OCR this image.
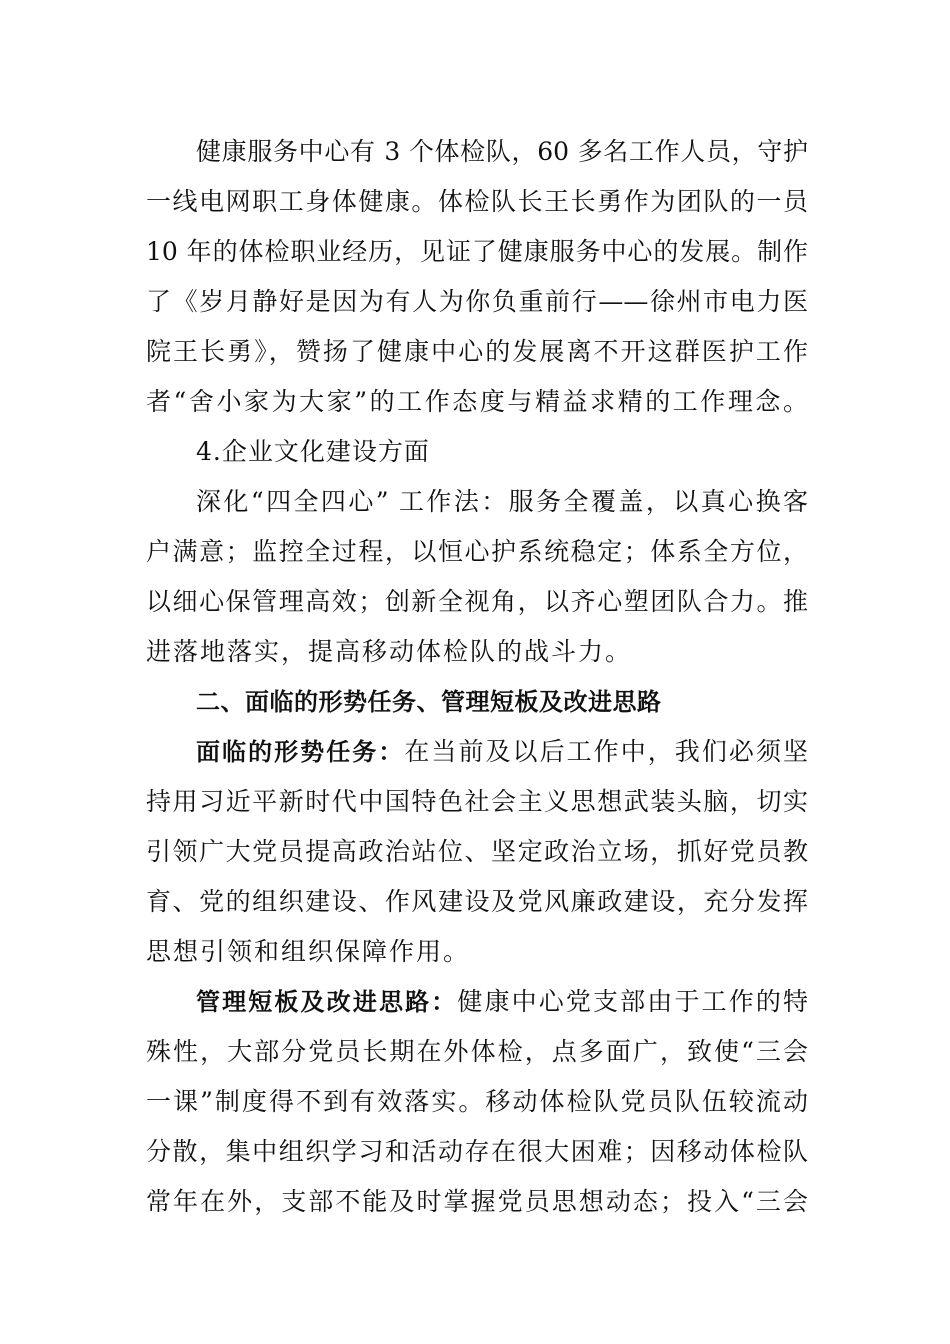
健康服务中心有 3 个体检队，60 多名工作人员，守护
一线电网职工身体健康。体检队长王长勇作为团队的一员
10 年的体检职业经历，见证了健康服务中心的发展。制作
了《岁月静好是因为有人为你负重前行——徐州市电力医
院王长勇》，赞扬了健康中心的发展离不开这群医护工作
者“舍小家为大家”的工作态度与精益求精的工作理念。
4.企业文化建设方面
深化“四全四心” 工作法：服务全覆盖，以真心换客
户满意；监控全过程，以恒心护系统稳定；体系全方位，
以细心保管理高效；创新全视角，以齐心塑团队合力。推
进落地落实，提高移动体检队的战斗力。
二、面临的形势任务、管理短板及改进思路
面临的形势任务：在当前及以后工作中，我们必须坚
持用习近平新时代中国特色社会主义思想武装头脑，切实
引领广大党员提高政治站位、坚定政治立场，抓好党员教
育、党的组织建设、作风建设及党风廉政建设，充分发挥
思想引领和组织保障作用。
管理短板及改进思路：健康中心党支部由于工作的特
殊性，大部分党员长期在外体检，点多面广，致使“三会
一课”制度得不到有效落实。移动体检队党员队伍较流动
分散，集中组织学习和活动存在很大困难；因移动体检队
常年在外，支部不能及时掌握党员思想动态；投入“三会
